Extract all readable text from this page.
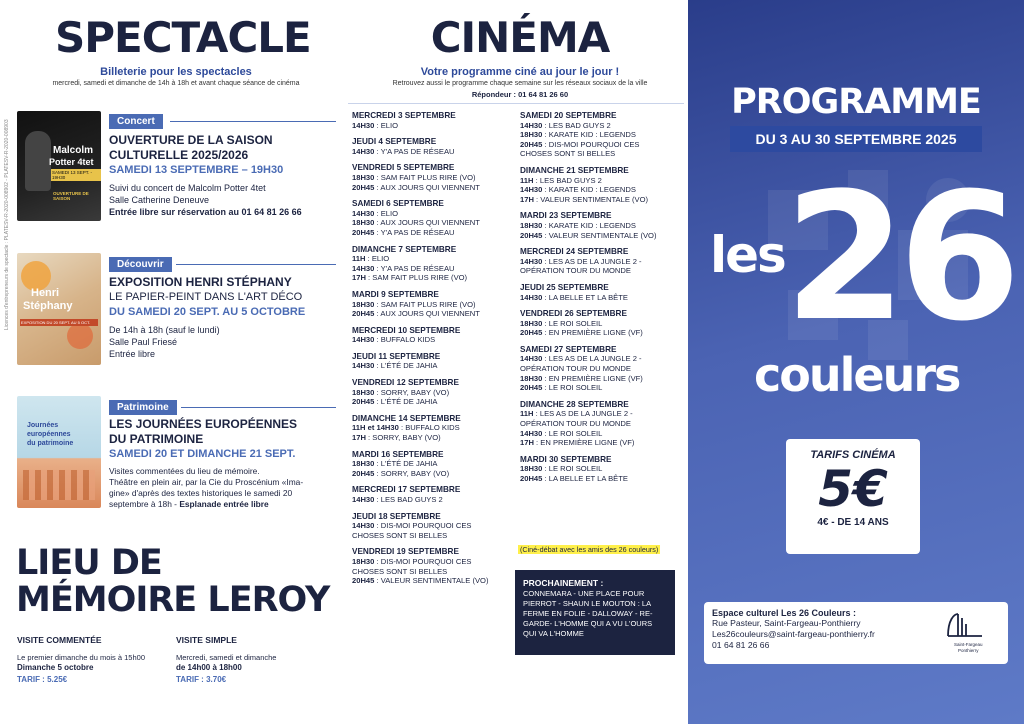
SPECTACLE
Billeterie pour les spectacles
mercredi, samedi et dimanche de 14h à 18h et avant chaque séance de cinéma
Licences d'entrepreneurs de spectacle : PLATESV-R-2020-008902 - PLATESV-R-2020-008903	Malcolm
Potter 4tet
SAMEDI 13 SEPT. - 19H30
OUVERTURE DE SAISON
Concert
OUVERTURE DE LA SAISON
CULTURELLE 2025/2026
SAMEDI 13 SEPTEMBRE – 19H30
Suivi du concert de Malcolm Potter 4tet
Salle Catherine Deneuve
Entrée libre sur réservation au 01 64 81 26 66
Henri
Stéphany
EXPOSITION DU 20 SEPT. AU 5 OCT.
Découvrir
EXPOSITION HENRI STÉPHANY
LE PAPIER-PEINT DANS L'ART DÉCO
DU SAMEDI 20 SEPT. AU 5 OCTOBRE
De 14h à 18h (sauf le lundi)
Salle Paul Friesé
Entrée libre
Journées
européennes
du patrimoine
Patrimoine
LES JOURNÉES EUROPÉENNES
DU PATRIMOINE
SAMEDI 20 ET DIMANCHE 21 SEPT.
Visites commentées du lieu de mémoire.
Théâtre en plein air, par la Cie du Proscénium «Ima-
gine» d'après des textes historiques le samedi 20
septembre à 18h - Esplanade entrée libre
LIEU DE
MÉMOIRE LEROY
VISITE COMMENTÉE
Le premier dimanche du mois à 15h00
Dimanche 5 octobre
TARIF : 5.25€
VISITE SIMPLE
Mercredi, samedi et dimanche
de 14h00 à 18h00
TARIF : 3.70€
CINÉMA
Votre programme ciné au jour le jour !
Retrouvez aussi le programme chaque semaine sur les réseaux sociaux de la ville
Répondeur : 01 64 81 26 60
MERCREDI 3 SEPTEMBRE
14H30 : ELIO
JEUDI 4 SEPTEMBRE
14H30 : Y'A PAS DE RÉSEAU
VENDREDI 5 SEPTEMBRE
18H30 : SAM FAIT PLUS RIRE (VO)
20H45 : AUX JOURS QUI VIENNENT
SAMEDI 6 SEPTEMBRE
14H30 : ELIO
18H30 : AUX JOURS QUI VIENNENT
20H45 : Y'A PAS DE RÉSEAU
DIMANCHE 7 SEPTEMBRE
11H : ELIO
14H30 : Y'A PAS DE RÉSEAU
17H : SAM FAIT PLUS RIRE (VO)
MARDI 9 SEPTEMBRE
18H30 : SAM FAIT PLUS RIRE (VO)
20H45 : AUX JOURS QUI VIENNENT
MERCREDI 10 SEPTEMBRE
14H30 : BUFFALO KIDS
JEUDI 11 SEPTEMBRE
14H30 : L'ÉTÉ DE JAHIA
VENDREDI 12 SEPTEMBRE
18H30 : SORRY, BABY (VO)
20H45 : L'ÉTÉ DE JAHIA
DIMANCHE 14 SEPTEMBRE
11H et 14H30 : BUFFALO KIDS
17H : SORRY, BABY (VO)
MARDI 16 SEPTEMBRE
18H30 : L'ÉTÉ DE JAHIA
20H45 : SORRY, BABY (VO)
MERCREDI 17 SEPTEMBRE
14H30 : LES BAD GUYS 2
JEUDI 18 SEPTEMBRE
14H30 : DIS-MOI POURQUOI CES
CHOSES SONT SI BELLES
VENDREDI 19 SEPTEMBRE
18H30 : DIS-MOI POURQUOI CES
CHOSES SONT SI BELLES
20H45 : VALEUR SENTIMENTALE (VO)
SAMEDI 20 SEPTEMBRE
14H30 : LES BAD GUYS 2
18H30 : KARATE KID : LEGENDS
20H45 : DIS-MOI POURQUOI CES
CHOSES SONT SI BELLES
DIMANCHE 21 SEPTEMBRE
11H : LES BAD GUYS 2
14H30 : KARATE KID : LEGENDS
17H : VALEUR SENTIMENTALE (VO)
MARDI 23 SEPTEMBRE
18H30 : KARATE KID : LEGENDS
20H45 : VALEUR SENTIMENTALE (VO)
MERCREDI 24 SEPTEMBRE
14H30 : LES AS DE LA JUNGLE 2 -
OPÉRATION TOUR DU MONDE
JEUDI 25 SEPTEMBRE
14H30 : LA BELLE ET LA BÊTE
VENDREDI 26 SEPTEMBRE
18H30 : LE ROI SOLEIL
20H45 : EN PREMIÈRE LIGNE (VF)
SAMEDI 27 SEPTEMBRE
14H30 : LES AS DE LA JUNGLE 2 -
OPÉRATION TOUR DU MONDE
18H30 : EN PREMIÈRE LIGNE (VF)
20H45 : LE ROI SOLEIL
DIMANCHE 28 SEPTEMBRE
11H : LES AS DE LA JUNGLE 2 -
OPÉRATION TOUR DU MONDE
14H30 : LE ROI SOLEIL
17H : EN PREMIÈRE LIGNE (VF)
MARDI 30 SEPTEMBRE
18H30 : LE ROI SOLEIL
20H45 : LA BELLE ET LA BÊTE
(Ciné-débat avec les amis des 26 couleurs)
PROCHAINEMENT :
CONNEMARA - UNE PLACE POUR
PIERROT - SHAUN LE MOUTON : LA
FERME EN FOLIE - DALLOWAY - RE-
GARDE- L'HOMME QUI A VU L'OURS
QUI VA L'HOMME
PROGRAMME
DU 3 AU 30 SEPTEMBRE 2025
les 26
couleurs
TARIFS CINÉMA
5€
4€ - DE 14 ANS
Espace culturel Les 26 Couleurs :
Rue Pasteur, Saint-Fargeau-Ponthierry
Les26couleurs@saint-fargeau-ponthierry.fr
01 64 81 26 66	Saint-Fargeau
Ponthierry
